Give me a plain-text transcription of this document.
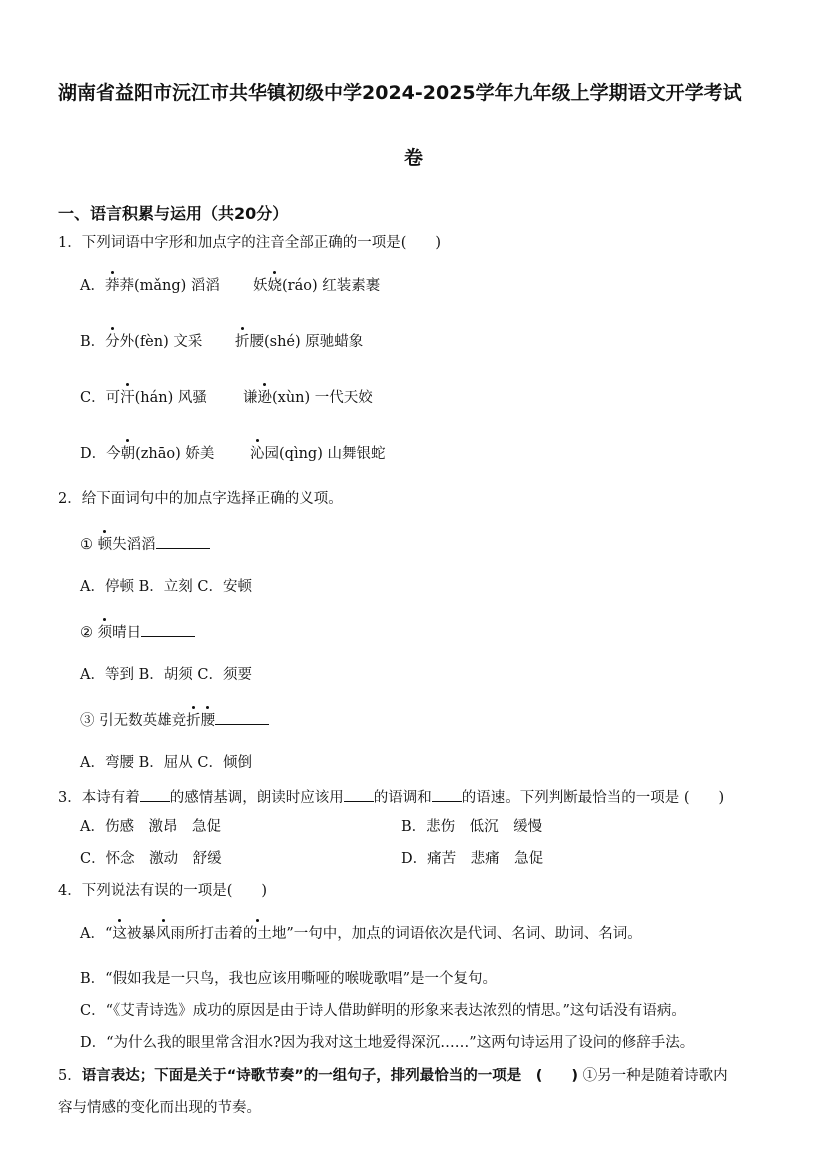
湖南省益阳市沅江市共华镇初级中学2024-2025学年九年级上学期语文开学考试
卷
一、语言积累与运用（共20分）
1．下列词语中字形和加点字的注音全部正确的一项是(　　)
A．莽莽(mǎng) 滔滔 妖娆(ráo) 红装素裹
B．分外(fèn) 文采 折腰(shé) 原驰蜡象
C．可汗(hán) 风骚 谦逊(xùn) 一代天姣
D．今朝(zhāo) 娇美 沁园(qìng) 山舞银蛇
2．给下面词句中的加点字选择正确的义项。
① 顿失滔滔
A．停顿 B．立刻 C．安顿
② 须晴日
A．等到 B．胡须 C．须要
③ 引无数英雄竞折腰
A．弯腰 B．屈从 C．倾倒
3．本诗有着 的感情基调，朗读时应该用 的语调和 的语速。下列判断最恰当的一项是 (　　)
A．伤感　激昂　急促	B．悲伤　低沉　缓慢
C．怀念　激动　舒缓	D．痛苦　悲痛　急促
4．下列说法有误的一项是(　　)
A．“这被暴风雨所打击着的土地”一句中，加点的词语依次是代词、名词、助词、名词。
B．“假如我是一只鸟，我也应该用嘶哑的喉咙歌唱”是一个复句。
C．“《艾青诗选》成功的原因是由于诗人借助鲜明的形象来表达浓烈的情思。”这句话没有语病。
D．“为什么我的眼里常含泪水?因为我对这土地爱得深沉……”这两句诗运用了设问的修辞手法。
5．语言表达；下面是关于“诗歌节奏”的一组句子，排列最恰当的一项是　(　　) ①另一种是随着诗歌内
容与情感的变化而出现的节奏。
